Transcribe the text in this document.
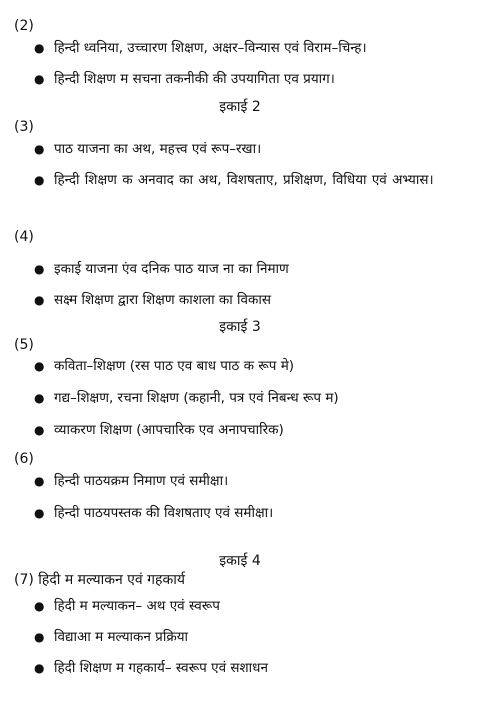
(2)
● हिन्दी ध्वनिया, उच्चारण शिक्षण, अक्षर–विन्यास एवं विराम–चिन्ह।
● हिन्दी शिक्षण म सचना तकनीकी की उपयागिता एव प्रयाग।
इकाई 2
(3)
● पाठ याजना का अथ, महत्त्व एवं रूप–रखा।
● हिन्दी शिक्षण क अनवाद का अथ, विशषताए, प्रशिक्षण, विधिया एवं अभ्यास।
(4)
● इकाई याजना एंव दनिक पाठ याज ना का निमाण
● सक्ष्म शिक्षण द्वारा शिक्षण काशला का विकास
इकाई 3
(5)
● कविता–शिक्षण (रस पाठ एव बाध पाठ क रूप मे)
● गद्य–शिक्षण, रचना शिक्षण (कहानी, पत्र एवं निबन्ध रूप म)
● व्याकरण शिक्षण (आपचारिक एव अनापचारिक)
(6)
● हिन्दी पाठयक्रम निमाण एवं समीक्षा।
● हिन्दी पाठयपस्तक की विशषताए एवं समीक्षा।
इकाई 4
(7) हिदी म मल्याकन एवं गहकार्य
● हिदी म मल्याकन– अथ एवं स्वरूप
● विद्याआ म मल्याकन प्रक्रिया
● हिदी शिक्षण म गहकार्य– स्वरूप एवं सशाधन
